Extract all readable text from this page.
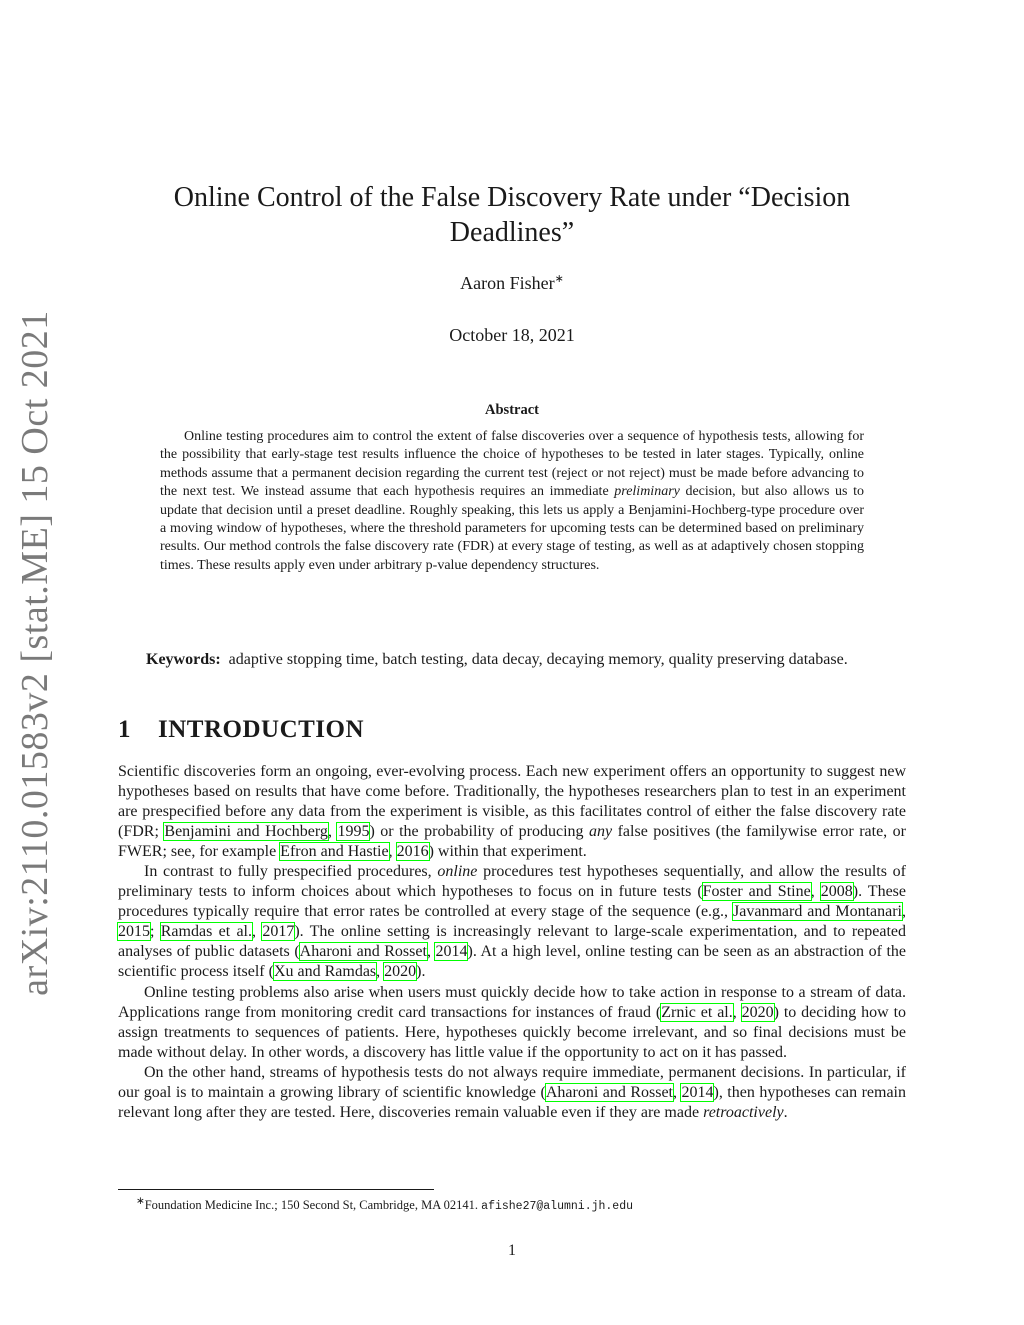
arXiv:2110.01583v2 [stat.ME] 15 Oct 2021
Online Control of the False Discovery Rate under “Decision Deadlines”
Aaron Fisher∗
October 18, 2021
Abstract
Online testing procedures aim to control the extent of false discoveries over a sequence of hypothesis tests, allowing for the possibility that early-stage test results influence the choice of hypotheses to be tested in later stages. Typically, online methods assume that a permanent decision regarding the current test (reject or not reject) must be made before advancing to the next test. We instead assume that each hypothesis requires an immediate preliminary decision, but also allows us to update that decision until a preset deadline. Roughly speaking, this lets us apply a Benjamini-Hochberg-type procedure over a moving window of hypotheses, where the threshold parameters for upcoming tests can be determined based on preliminary results. Our method controls the false discovery rate (FDR) at every stage of testing, as well as at adaptively chosen stopping times. These results apply even under arbitrary p-value dependency structures.
Keywords: adaptive stopping time, batch testing, data decay, decaying memory, quality preserving database.
1 INTRODUCTION

Scientific discoveries form an ongoing, ever-evolving process. Each new experiment offers an opportunity to suggest new hypotheses based on results that have come before. Traditionally, the hypotheses researchers plan to test in an experiment are prespecified before any data from the experiment is visible, as this facilitates control of either the false discovery rate (FDR; Benjamini and Hochberg, 1995) or the probability of producing any false positives (the familywise error rate, or FWER; see, for example Efron and Hastie, 2016) within that experiment.

In contrast to fully prespecified procedures, online procedures test hypotheses sequentially, and allow the results of preliminary tests to inform choices about which hypotheses to focus on in future tests (Foster and Stine, 2008). These procedures typically require that error rates be controlled at every stage of the sequence (e.g., Javanmard and Montanari, 2015; Ramdas et al., 2017). The online setting is increasingly relevant to large-scale experimentation, and to repeated analyses of public datasets (Aharoni and Rosset, 2014). At a high level, online testing can be seen as an abstraction of the scientific process itself (Xu and Ramdas, 2020).

Online testing problems also arise when users must quickly decide how to take action in response to a stream of data. Applications range from monitoring credit card transactions for instances of fraud (Zrnic et al., 2020) to deciding how to assign treatments to sequences of patients. Here, hypotheses quickly become irrelevant, and so final decisions must be made without delay. In other words, a discovery has little value if the opportunity to act on it has passed.

On the other hand, streams of hypothesis tests do not always require immediate, permanent decisions. In particular, if our goal is to maintain a growing library of scientific knowledge (Aharoni and Rosset, 2014), then hypotheses can remain relevant long after they are tested. Here, discoveries remain valuable even if they are made retroactively.

∗Foundation Medicine Inc.; 150 Second St, Cambridge, MA 02141. afishe27@alumni.jh.edu
1
